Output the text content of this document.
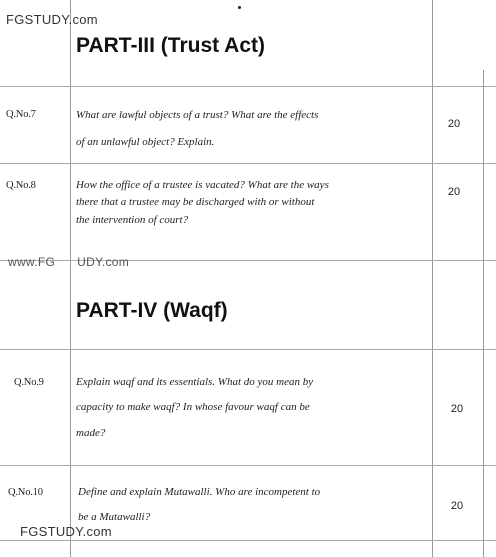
FGSTUDY.com
www.FG UDY.com
FGSTUDY.com
PART-III (Trust Act)
Q.No.7	What are lawful objects of a trust? What are the effects
of an unlawful object? Explain.
20
Q.No.8	How the office of a trustee is vacated? What are the ways
there that a trustee may be discharged with or without
the intervention of court?
20
PART-IV (Waqf)
Q.No.9	Explain waqf and its essentials. What do you mean by
capacity to make waqf? In whose favour waqf can be
made?
20
Q.No.10	Define and explain Mutawalli. Who are incompetent to
be a Mutawalli?
20
